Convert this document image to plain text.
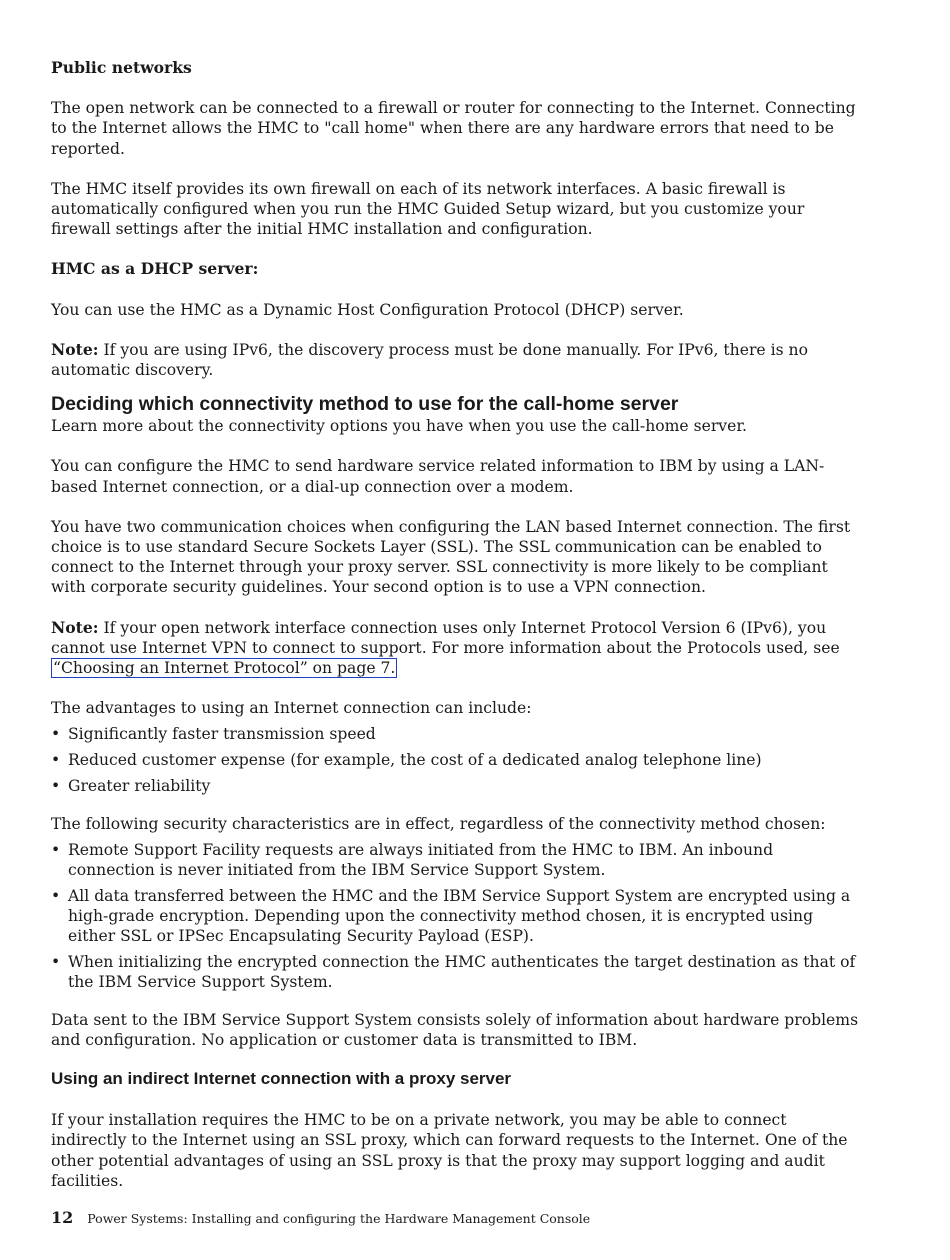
Public networks

The open network can be connected to a firewall or router for connecting to the Internet. Connecting to the Internet allows the HMC to "call home" when there are any hardware errors that need to be reported.

The HMC itself provides its own firewall on each of its network interfaces. A basic firewall is automatically configured when you run the HMC Guided Setup wizard, but you customize your firewall settings after the initial HMC installation and configuration.

HMC as a DHCP server:

You can use the HMC as a Dynamic Host Configuration Protocol (DHCP) server.

Note: If you are using IPv6, the discovery process must be done manually. For IPv6, there is no automatic discovery.

Deciding which connectivity method to use for the call-home server

Learn more about the connectivity options you have when you use the call-home server.

You can configure the HMC to send hardware service related information to IBM by using a LAN-based Internet connection, or a dial-up connection over a modem.

You have two communication choices when configuring the LAN based Internet connection. The first choice is to use standard Secure Sockets Layer (SSL). The SSL communication can be enabled to connect to the Internet through your proxy server. SSL connectivity is more likely to be compliant with corporate security guidelines. Your second option is to use a VPN connection.

Note: If your open network interface connection uses only Internet Protocol Version 6 (IPv6), you cannot use Internet VPN to connect to support. For more information about the Protocols used, see “Choosing an Internet Protocol” on page 7.

The advantages to using an Internet connection can include:

• Significantly faster transmission speed
• Reduced customer expense (for example, the cost of a dedicated analog telephone line)
• Greater reliability

The following security characteristics are in effect, regardless of the connectivity method chosen:

• Remote Support Facility requests are always initiated from the HMC to IBM. An inbound connection is never initiated from the IBM Service Support System.
• All data transferred between the HMC and the IBM Service Support System are encrypted using a high-grade encryption. Depending upon the connectivity method chosen, it is encrypted using either SSL or IPSec Encapsulating Security Payload (ESP).
• When initializing the encrypted connection the HMC authenticates the target destination as that of the IBM Service Support System.

Data sent to the IBM Service Support System consists solely of information about hardware problems and configuration. No application or customer data is transmitted to IBM.

Using an indirect Internet connection with a proxy server

If your installation requires the HMC to be on a private network, you may be able to connect indirectly to the Internet using an SSL proxy, which can forward requests to the Internet. One of the other potential advantages of using an SSL proxy is that the proxy may support logging and audit facilities.

12 Power Systems: Installing and configuring the Hardware Management Console
